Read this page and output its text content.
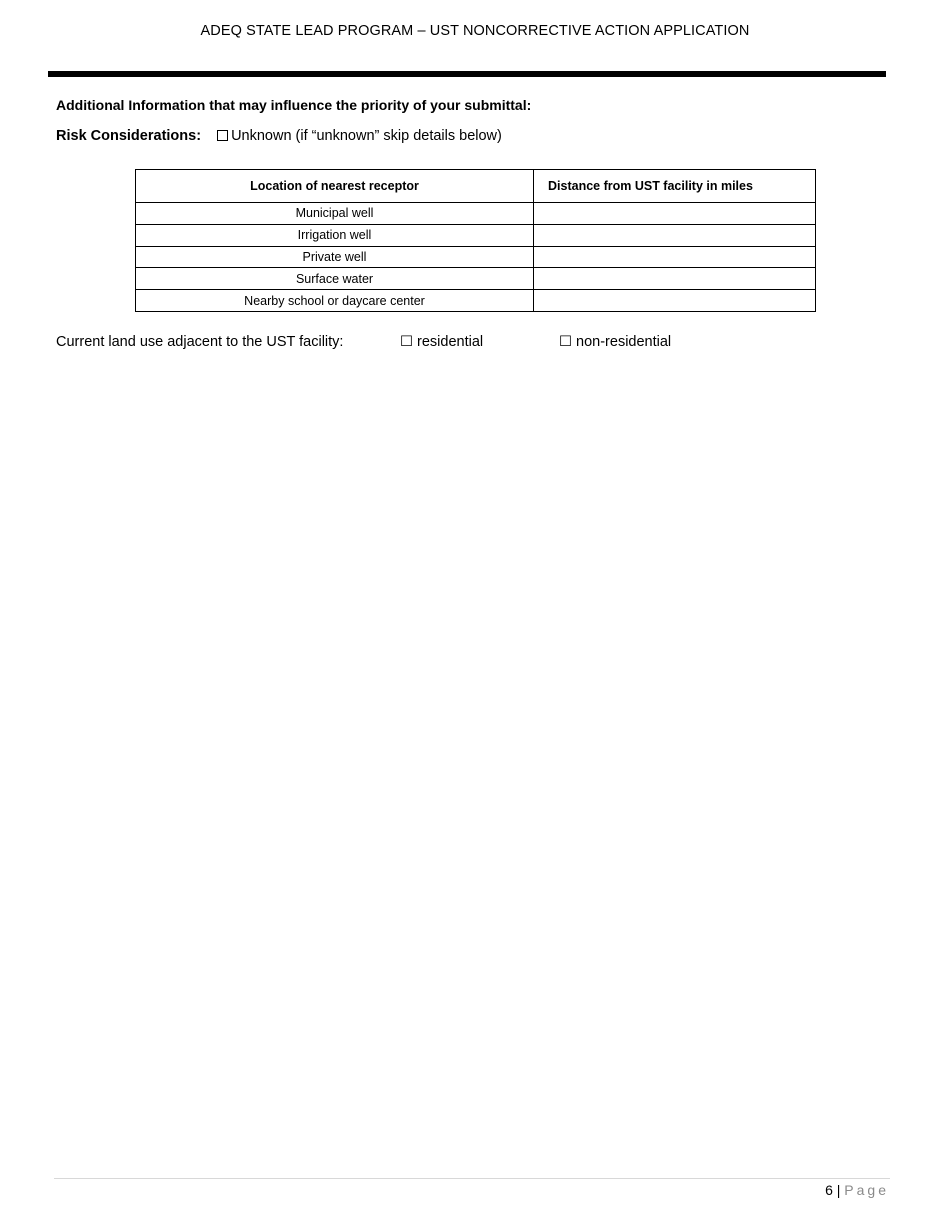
ADEQ STATE LEAD PROGRAM – UST NONCORRECTIVE ACTION APPLICATION
Additional Information that may influence the priority of your submittal:
Risk Considerations: Unknown (if “unknown” skip details below)
Location of nearest receptor	Distance from UST facility in miles
Municipal well	
Irrigation well	
Private well	
Surface water	
Nearby school or daycare center	
Current land use adjacent to the UST facility:	☐ residential	☐ non-residential
6 | Page
